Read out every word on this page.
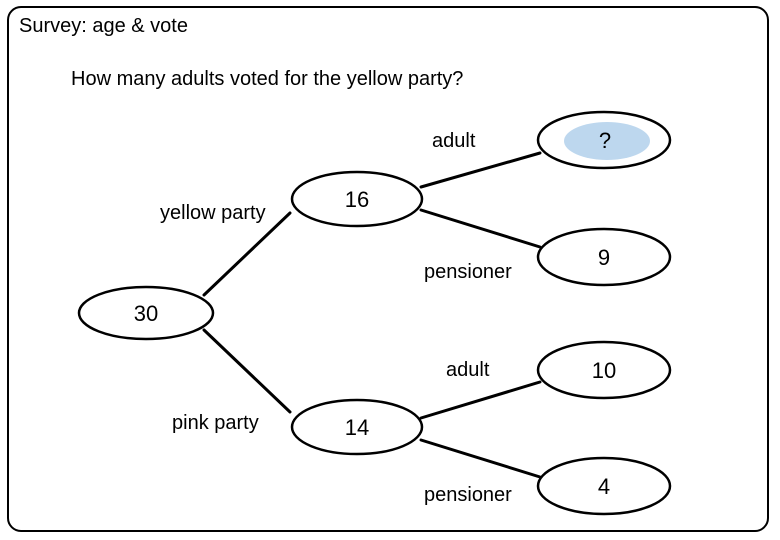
Survey: age & vote
How many adults voted for the yellow party?
yellow party
pink party
adult
pensioner
adult
pensioner
30
16
14
?
9
10
4
